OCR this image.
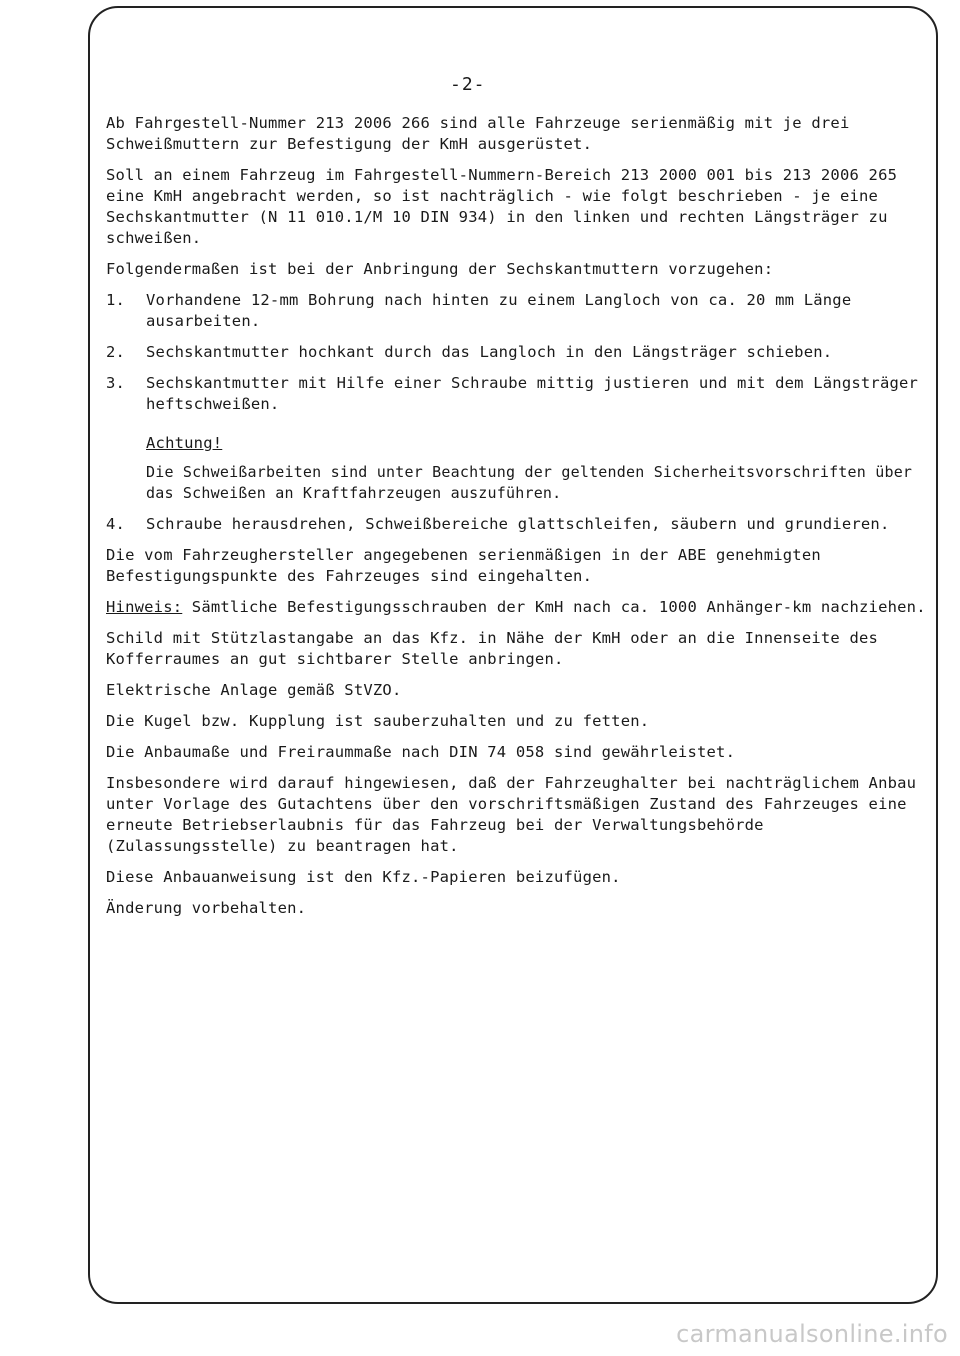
-2-

Ab Fahrgestell-Nummer 213 2006 266 sind alle Fahrzeuge serienmäßig mit je drei Schweißmuttern zur Befestigung der KmH ausgerüstet.

Soll an einem Fahrzeug im Fahrgestell-Nummern-Bereich 213 2000 001 bis 213 2006 265 eine KmH angebracht werden, so ist nachträglich - wie folgt beschrieben - je eine Sechskantmutter (N 11 010.1/M 10 DIN 934) in den linken und rechten Längsträger zu schweißen.

Folgendermaßen ist bei der Anbringung der Sechskantmuttern vorzugehen:

1.	Vorhandene 12-mm Bohrung nach hinten zu einem Langloch von ca. 20 mm Länge ausarbeiten.
2.	Sechskantmutter hochkant durch das Langloch in den Längsträger schieben.
3.	Sechskantmutter mit Hilfe einer Schraube mittig justieren und mit dem Längsträger heftschweißen.
Achtung!
Die Schweißarbeiten sind unter Beachtung der geltenden Sicherheitsvorschriften über das Schweißen an Kraftfahrzeugen auszuführen.
4.	Schraube herausdrehen, Schweißbereiche glattschleifen, säubern und grundieren.

Die vom Fahrzeughersteller angegebenen serienmäßigen in der ABE genehmigten Befestigungspunkte des Fahrzeuges sind eingehalten.

Hinweis: Sämtliche Befestigungsschrauben der KmH nach ca. 1000 Anhänger-km nachziehen.

Schild mit Stützlastangabe an das Kfz. in Nähe der KmH oder an die Innenseite des Kofferraumes an gut sichtbarer Stelle anbringen.

Elektrische Anlage gemäß StVZO.

Die Kugel bzw. Kupplung ist sauberzuhalten und zu fetten.

Die Anbaumaße und Freiraummaße nach DIN 74 058 sind gewährleistet.

Insbesondere wird darauf hingewiesen, daß der Fahrzeughalter bei nachträglichem Anbau unter Vorlage des Gutachtens über den vorschriftsmäßigen Zustand des Fahrzeuges eine erneute Betriebserlaubnis für das Fahrzeug bei der Verwaltungsbehörde (Zulassungsstelle) zu beantragen hat.

Diese Anbauanweisung ist den Kfz.-Papieren beizufügen.

Änderung vorbehalten.

carmanualsonline.info
